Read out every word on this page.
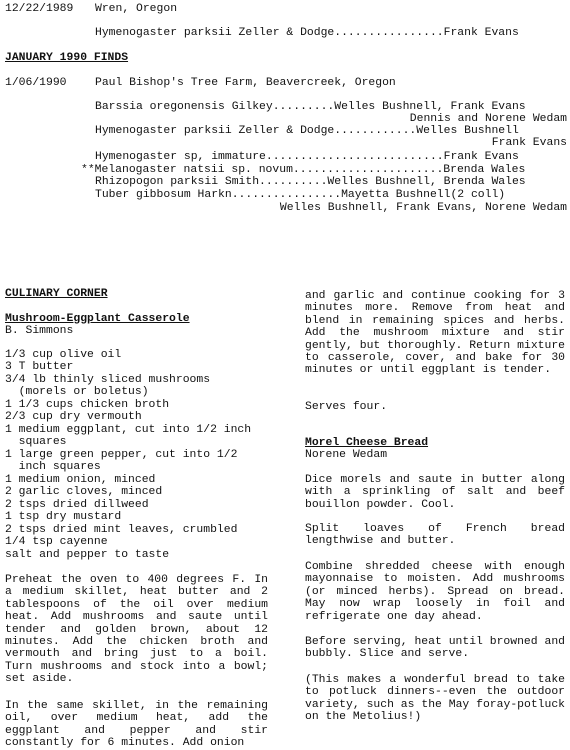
12/22/1989 Wren, Oregon
Hymenogaster parksii Zeller & Dodge................Frank Evans
JANUARY 1990 FINDS
1/06/1990 Paul Bishop's Tree Farm, Beavercreek, Oregon
Barssia oregonensis Gilkey.........Welles Bushnell, Frank Evans
Dennis and Norene Wedam
Hymenogaster parksii Zeller & Dodge............Welles Bushnell
Frank Evans
Hymenogaster sp, immature..........................Frank Evans
**Melanogaster natsii sp. novum......................Brenda Wales
Rhizopogon parksii Smith..........Welles Bushnell, Brenda Wales
Tuber gibbosum Harkn................Mayetta Bushnell(2 coll)
Welles Bushnell, Frank Evans, Norene Wedam
CULINARY CORNER
Mushroom-Eggplant Casserole
B. Simmons
1/3 cup olive oil
3 T butter
3/4 lb thinly sliced mushrooms
(morels or boletus)
1 1/3 cups chicken broth
2/3 cup dry vermouth
1 medium eggplant, cut into 1/2 inch
squares
1 large green pepper, cut into 1/2
inch squares
1 medium onion, minced
2 garlic cloves, minced
2 tsps dried dillweed
1 tsp dry mustard
2 tsps dried mint leaves, crumbled
1/4 tsp cayenne
salt and pepper to taste
Preheat the oven to 400 degrees F. In a medium skillet, heat butter and 2 tablespoons of the oil over medium heat. Add mushrooms and saute until tender and golden brown, about 12 minutes. Add the chicken broth and vermouth and bring just to a boil. Turn mushrooms and stock into a bowl; set aside.
In the same skillet, in the remaining oil, over medium heat, add the eggplant and pepper and stir constantly for 6 minutes. Add onion
and garlic and continue cooking for 3 minutes more. Remove from heat and blend in remaining spices and herbs. Add the mushroom mixture and stir gently, but thoroughly. Return mixture to casserole, cover, and bake for 30 minutes or until eggplant is tender.
Serves four.
Morel Cheese Bread
Norene Wedam
Dice morels and saute in butter along with a sprinkling of salt and beef bouillon powder. Cool.
Split loaves of French bread lengthwise and butter.
Combine shredded cheese with enough mayonnaise to moisten. Add mushrooms (or minced herbs). Spread on bread. May now wrap loosely in foil and refrigerate one day ahead.
Before serving, heat until browned and bubbly. Slice and serve.
(This makes a wonderful bread to take to potluck dinners--even the outdoor variety, such as the May foray-potluck on the Metolius!)
